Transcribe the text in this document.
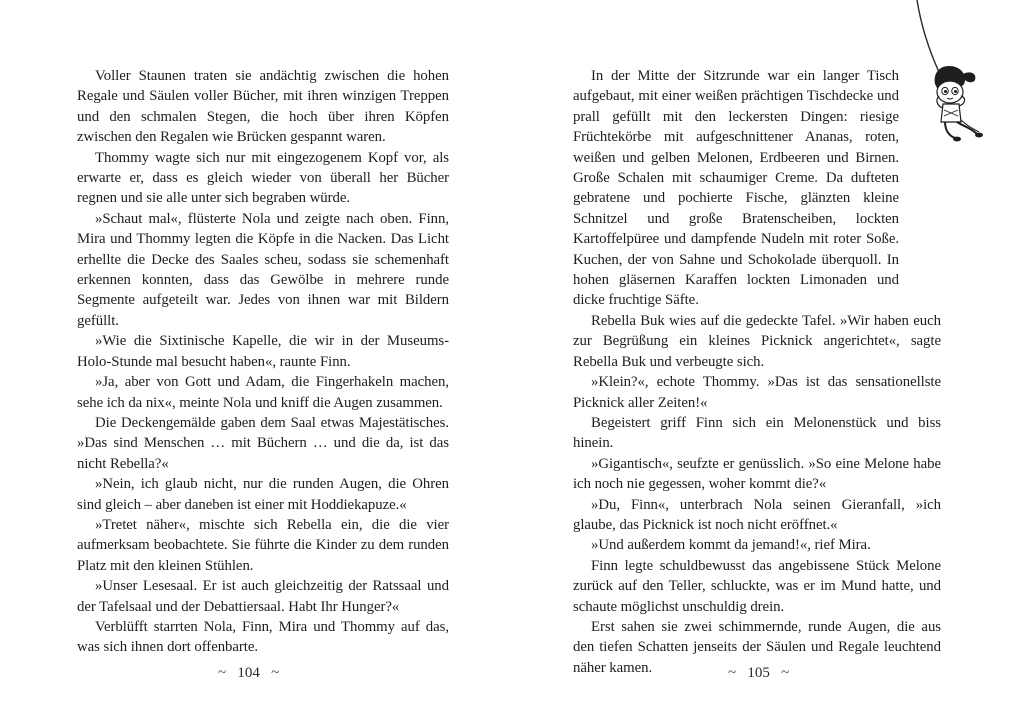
Voller Staunen traten sie andächtig zwischen die hohen Regale und Säulen voller Bücher, mit ihren winzigen Treppen und den schmalen Stegen, die hoch über ihren Köpfen zwischen den Regalen wie Brücken gespannt waren.

Thommy wagte sich nur mit eingezogenem Kopf vor, als erwarte er, dass es gleich wieder von überall her Bücher regnen und sie alle unter sich begraben würde.

»Schaut mal«, flüsterte Nola und zeigte nach oben. Finn, Mira und Thommy legten die Köpfe in die Nacken. Das Licht erhellte die Decke des Saales scheu, sodass sie schemenhaft erkennen konnten, dass das Gewölbe in mehrere runde Segmente aufgeteilt war. Jedes von ihnen war mit Bildern gefüllt.

»Wie die Sixtinische Kapelle, die wir in der Museums-Holo-Stunde mal besucht haben«, raunte Finn.

»Ja, aber von Gott und Adam, die Fingerhakeln machen, sehe ich da nix«, meinte Nola und kniff die Augen zusammen.

Die Deckengemälde gaben dem Saal etwas Majestätisches. »Das sind Menschen … mit Büchern … und die da, ist das nicht Rebella?«

»Nein, ich glaub nicht, nur die runden Augen, die Ohren sind gleich – aber daneben ist einer mit Hoddiekapuze.«

»Tretet näher«, mischte sich Rebella ein, die die vier aufmerksam beobachtete. Sie führte die Kinder zu dem runden Platz mit den kleinen Stühlen.

»Unser Lesesaal. Er ist auch gleichzeitig der Ratssaal und der Tafelsaal und der Debattiersaal. Habt Ihr Hunger?«

Verblüfft starrten Nola, Finn, Mira und Thommy auf das, was sich ihnen dort offenbarte.

In der Mitte der Sitzrunde war ein langer Tisch aufgebaut, mit einer weißen prächtigen Tischdecke und prall gefüllt mit den leckersten Dingen: riesige Früchtekörbe mit aufgeschnittener Ananas, roten, weißen und gelben Melonen, Erdbeeren und Birnen. Große Schalen mit schaumiger Creme. Da dufteten gebratene und pochierte Fische, glänzten kleine Schnitzel und große Bratenscheiben, lockten Kartoffelpüree und dampfende Nudeln mit roter Soße. Kuchen, der von Sahne und Schokolade überquoll. In hohen gläsernen Karaffen lockten Limonaden und dicke fruchtige Säfte.

Rebella Buk wies auf die gedeckte Tafel. »Wir haben euch zur Begrüßung ein kleines Picknick angerichtet«, sagte Rebella Buk und verbeugte sich.

»Klein?«, echote Thommy. »Das ist das sensationellste Picknick aller Zeiten!«

Begeistert griff Finn sich ein Melonenstück und biss hinein.

»Gigantisch«, seufzte er genüsslich. »So eine Melone habe ich noch nie gegessen, woher kommt die?«

»Du, Finn«, unterbrach Nola seinen Gieranfall, »ich glaube, das Picknick ist noch nicht eröffnet.«

»Und außerdem kommt da jemand!«, rief Mira.

Finn legte schuldbewusst das angebissene Stück Melone zurück auf den Teller, schluckte, was er im Mund hatte, und schaute möglichst unschuldig drein.

Erst sahen sie zwei schimmernde, runde Augen, die aus den tiefen Schatten jenseits der Säulen und Regale leuchtend näher kamen.

~ 104 ~	~ 105 ~
